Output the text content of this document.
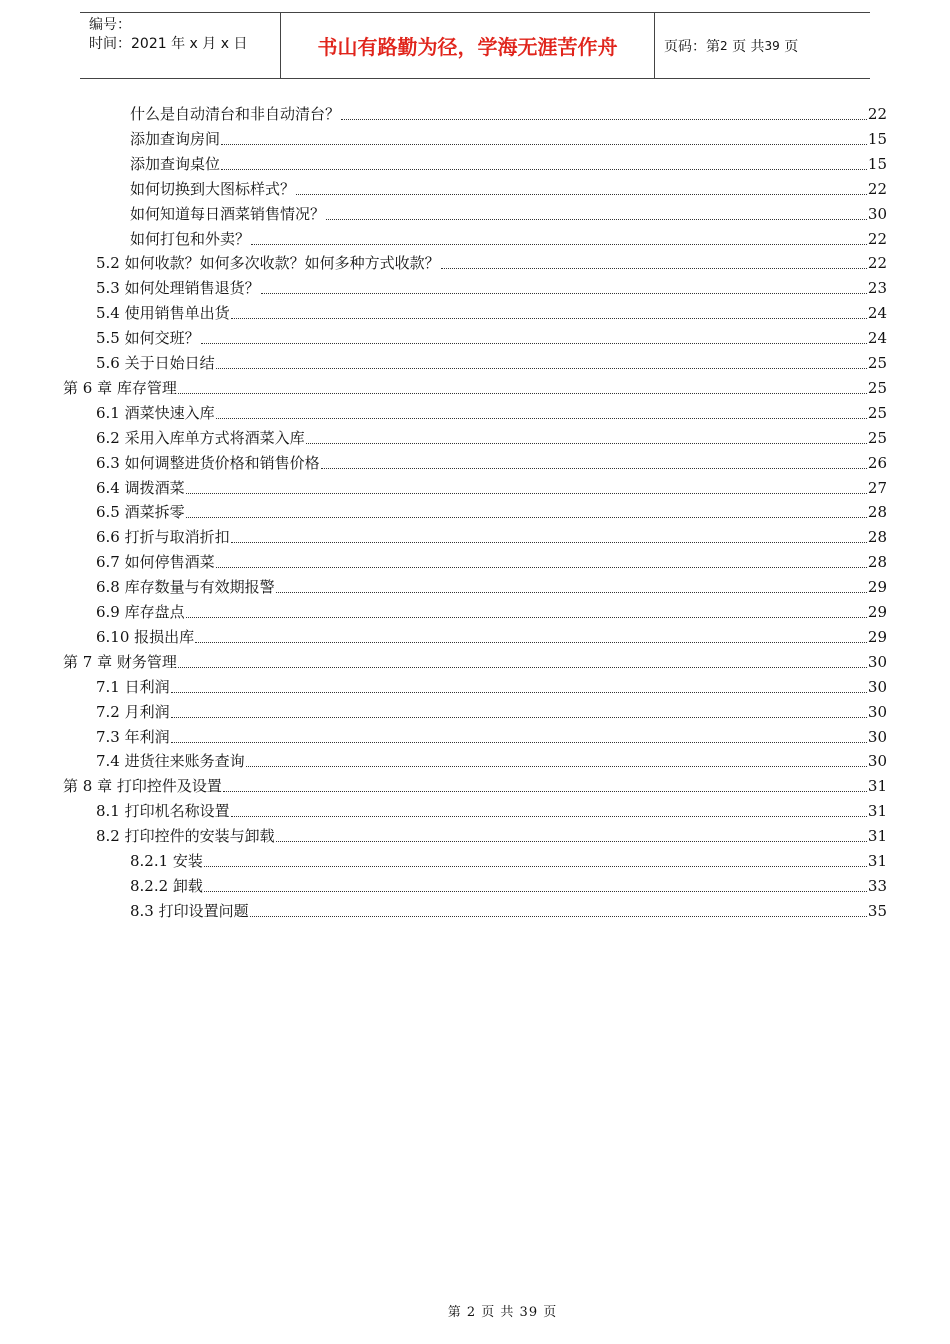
编号：
时间：2021 年 x 月 x 日	书山有路勤为径，学海无涯苦作舟	页码：第 2
页 共 39
页
什么是自动清台和非自动清台？	22
添加查询房间	15
添加查询桌位	15
如何切换到大图标样式？	22
如何知道每日酒菜销售情况？	30
如何打包和外卖？	22
5.2 如何收款？如何多次收款？如何多种方式收款？	22
5.3 如何处理销售退货？	23
5.4 使用销售单出货	24
5.5 如何交班？	24
5.6 关于日始日结	25
第 6 章 库存管理	25
6.1 酒菜快速入库	25
6.2 采用入库单方式将酒菜入库	25
6.3 如何调整进货价格和销售价格	26
6.4 调拨酒菜	27
6.5 酒菜拆零	28
6.6 打折与取消折扣	28
6.7 如何停售酒菜	28
6.8 库存数量与有效期报警	29
6.9 库存盘点	29
6.10 报损出库	29
第 7 章 财务管理	30
7.1 日利润	30
7.2 月利润	30
7.3 年利润	30
7.4 进货往来账务查询	30
第 8 章 打印控件及设置	31
8.1 打印机名称设置	31
8.2 打印控件的安装与卸载	31
8.2.1 安装	31
8.2.2 卸载	33
8.3 打印设置问题	35
第 2 页 共 39 页
